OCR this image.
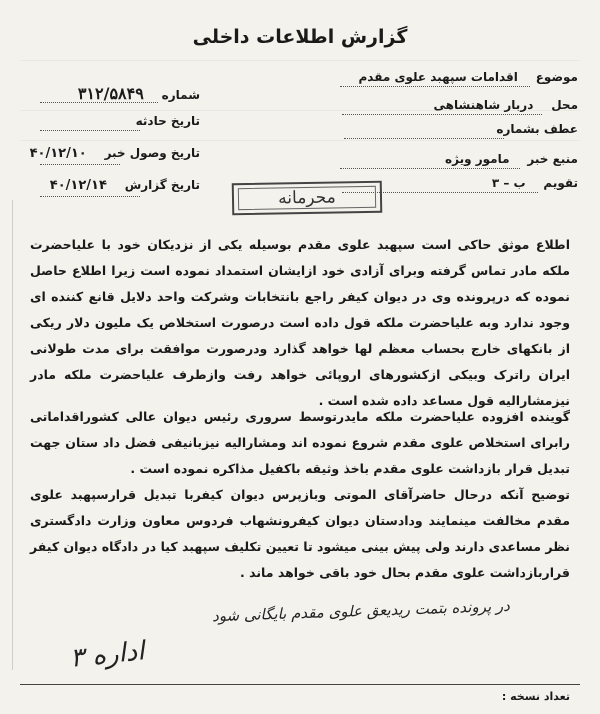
گزارش اطلاعات داخلی
موضوع اقدامات سپهبد علوی مقدم
محل دربار شاهنشاهی
عطف بشماره
منبع خبر مامور ویژه
تقویم ب – ۳
شماره ۳۱۲/۵۸۴۹
تاریخ حادثه
تاریخ وصول خبر ۴۰/۱۲/۱۰
تاریخ گزارش ۴۰/۱۲/۱۴
محرمانه

اطلاع موثق حاکی است سپهبد علوی مقدم بوسیله یکی از نزدیکان خود با علیاحضرت ملکه مادر تماس گرفته وبرای آزادی خود ازایشان استمداد نموده است زیرا اطلاع حاصل نموده که درپرونده وی در دیوان کیفر راجع بانتخابات وشرکت واحد دلایل قانع کننده ای وجود ندارد وبه علیاحضرت ملکه قول داده است درصورت استخلاص یک ملیون دلار ریکی از بانکهای خارج بحساب معظم لها خواهد گذارد ودرصورت موافقت برای مدت طولانی ایران راترک وبیکی ازکشورهای اروپائی خواهد رفت وازطرف علیاحضرت ملکه مادر نیزمشارالیه قول مساعد داده شده است .

گوینده افزوده علیاحضرت ملکه مایدرتوسط سروری رئیس دیوان عالی کشوراقداماتی رابرای استخلاص علوی مقدم شروع نموده اند ومشارالیه نیزبانیفی فضل داد ستان جهت تبدیل قرار بازداشت علوی مقدم باخذ وثیقه باکفیل مذاکره نموده است .

توضیح آنکه درحال حاضرآقای الموتی وبازپرس دیوان کیفربا تبدیل قرارسپهبد علوی مقدم مخالفت مینمایند ودادستان دیوان کیفرونشهاب فردوس معاون وزارت دادگستری نظر مساعدی دارند ولی پیش بینی میشود تا تعیین تکلیف سپهبد کیا در دادگاه دیوان کیفر قراربازداشت علوی مقدم بحال خود باقی خواهد ماند .

در پرونده بتمت ریدیعق علوی مقدم بایگانی شود
اداره ۳
تعداد نسخه :
